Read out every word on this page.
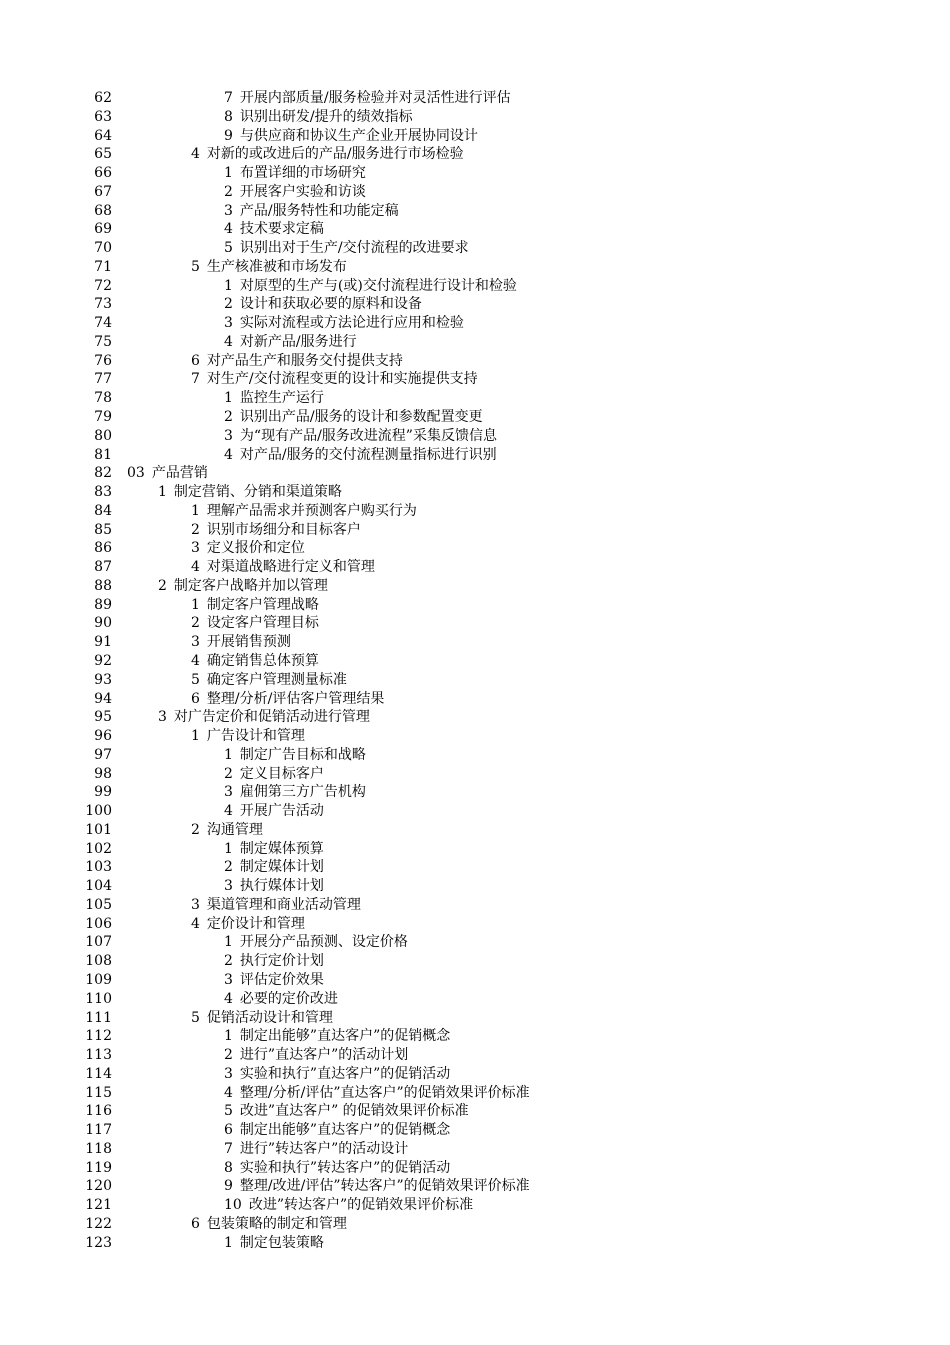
62	7 开展内部质量/服务检验并对灵活性进行评估
63	8 识别出研发/提升的绩效指标
64	9 与供应商和协议生产企业开展协同设计
65	4 对新的或改进后的产品/服务进行市场检验
66	1 布置详细的市场研究
67	2 开展客户实验和访谈
68	3 产品/服务特性和功能定稿
69	4 技术要求定稿
70	5 识别出对于生产/交付流程的改进要求
71	5 生产核准被和市场发布
72	1 对原型的生产与(或)交付流程进行设计和检验
73	2 设计和获取必要的原料和设备
74	3 实际对流程或方法论进行应用和检验
75	4 对新产品/服务进行
76	6 对产品生产和服务交付提供支持
77	7 对生产/交付流程变更的设计和实施提供支持
78	1 监控生产运行
79	2 识别出产品/服务的设计和参数配置变更
80	3 为“现有产品/服务改进流程”采集反馈信息
81	4 对产品/服务的交付流程测量指标进行识别
82 03 产品营销
83	1 制定营销、分销和渠道策略
84	1 理解产品需求并预测客户购买行为
85	2 识别市场细分和目标客户
86	3 定义报价和定位
87	4 对渠道战略进行定义和管理
88	2 制定客户战略并加以管理
89	1 制定客户管理战略
90	2 设定客户管理目标
91	3 开展销售预测
92	4 确定销售总体预算
93	5 确定客户管理测量标准
94	6 整理/分析/评估客户管理结果
95	3 对广告定价和促销活动进行管理
96	1 广告设计和管理
97	1 制定广告目标和战略
98	2 定义目标客户
99	3 雇佣第三方广告机构
100	4 开展广告活动
101	2 沟通管理
102	1 制定媒体预算
103	2 制定媒体计划
104	3 执行媒体计划
105	3 渠道管理和商业活动管理
106	4 定价设计和管理
107	1 开展分产品预测、设定价格
108	2 执行定价计划
109	3 评估定价效果
110	4 必要的定价改进
111	5 促销活动设计和管理
112	1 制定出能够”直达客户”的促销概念
113	2 进行”直达客户”的活动计划
114	3 实验和执行”直达客户”的促销活动
115	4 整理/分析/评估”直达客户”的促销效果评价标准
116	5 改进”直达客户” 的促销效果评价标准
117	6 制定出能够”直达客户”的促销概念
118	7 进行”转达客户”的活动设计
119	8 实验和执行”转达客户”的促销活动
120	9 整理/改进/评估”转达客户”的促销效果评价标准
121	10 改进”转达客户”的促销效果评价标准
122	6 包装策略的制定和管理
123	1 制定包装策略
